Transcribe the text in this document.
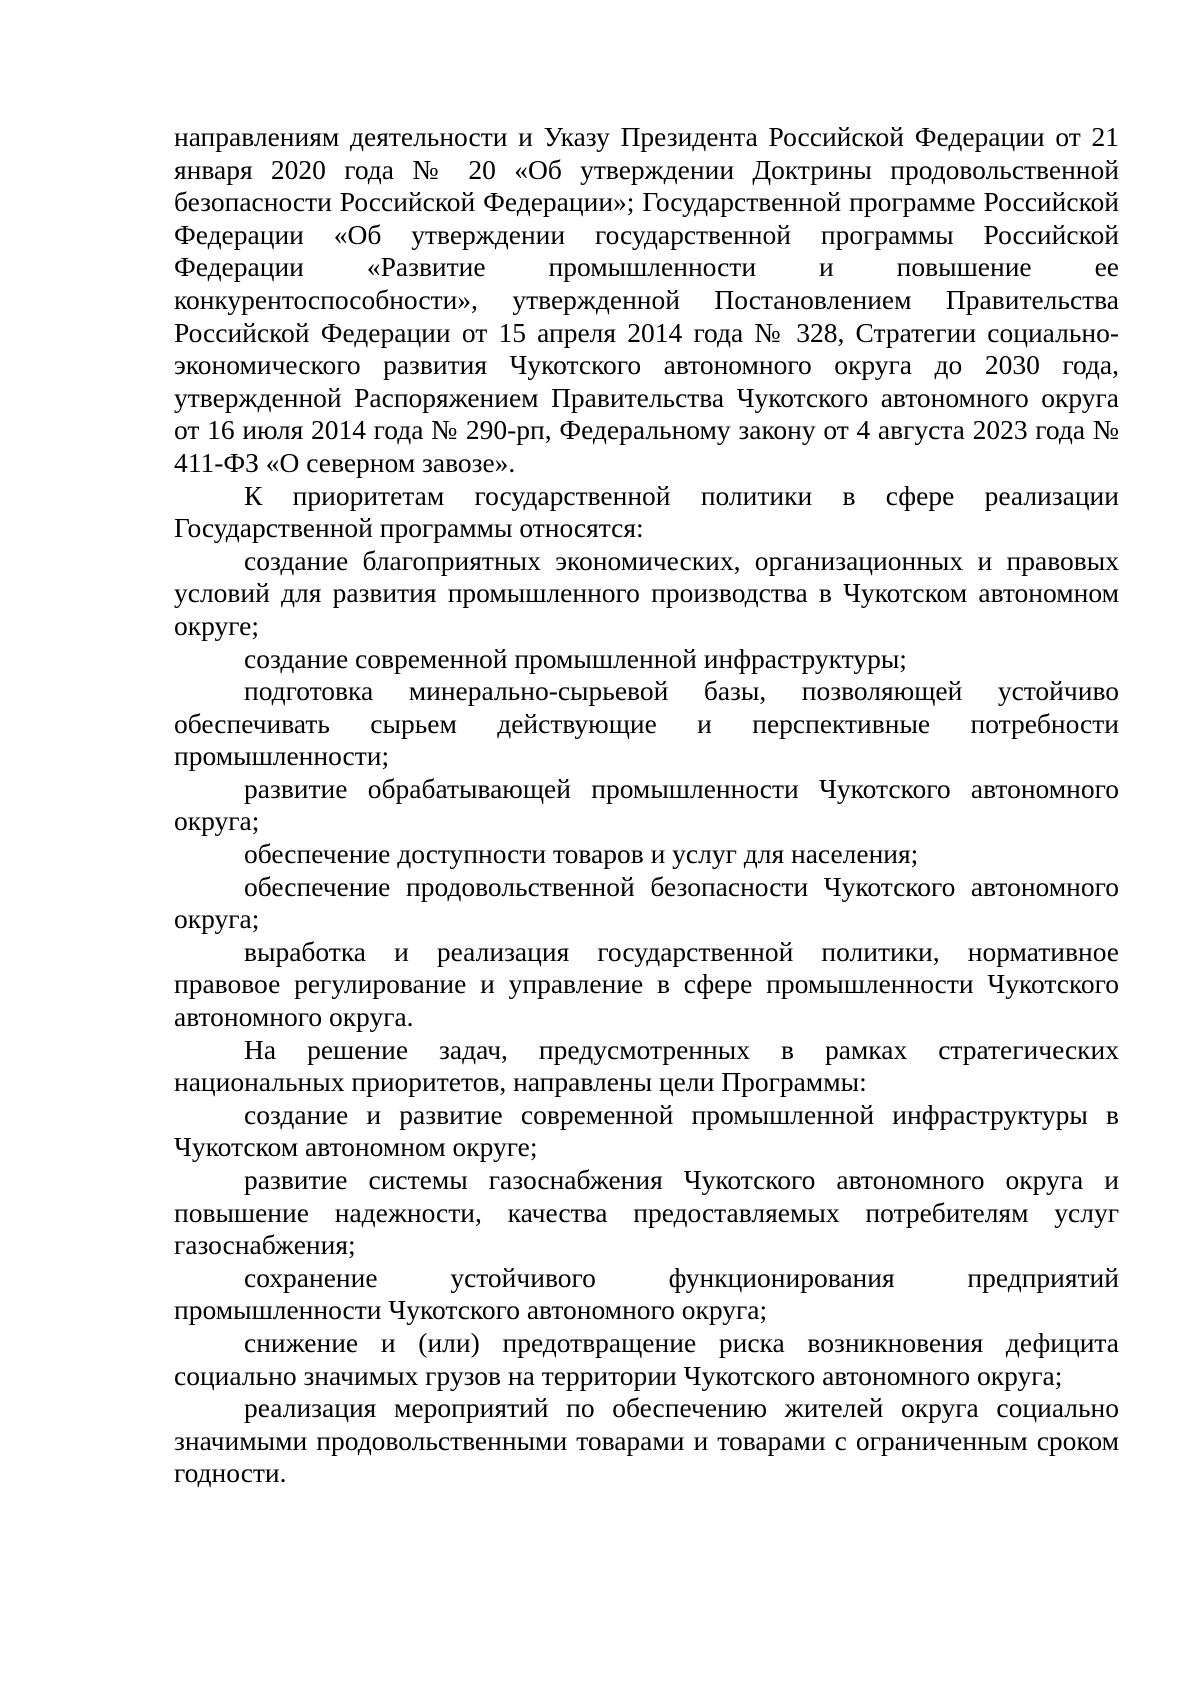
направлениям деятельности и Указу Президента Российской Федерации от 21 января 2020 года № 20 «Об утверждении Доктрины продовольственной безопасности Российской Федерации»; Государственной программе Российской Федерации «Об утверждении государственной программы Российской Федерации «Развитие промышленности и повышение ее конкурентоспособности», утвержденной Постановлением Правительства Российской Федерации от 15 апреля 2014 года № 328, Стратегии социально-экономического развития Чукотского автономного округа до 2030 года, утвержденной Распоряжением Правительства Чукотского автономного округа от 16 июля 2014 года № 290-рп, Федеральному закону от 4 августа 2023 года № 411-ФЗ «О северном завозе».

К приоритетам государственной политики в сфере реализации Государственной программы относятся:

создание благоприятных экономических, организационных и правовых условий для развития промышленного производства в Чукотском автономном округе;

создание современной промышленной инфраструктуры;

подготовка минерально-сырьевой базы, позволяющей устойчиво обеспечивать сырьем действующие и перспективные потребности промышленности;

развитие обрабатывающей промышленности Чукотского автономного округа;

обеспечение доступности товаров и услуг для населения;

обеспечение продовольственной безопасности Чукотского автономного округа;

выработка и реализация государственной политики, нормативное правовое регулирование и управление в сфере промышленности Чукотского автономного округа.

На решение задач, предусмотренных в рамках стратегических национальных приоритетов, направлены цели Программы:

создание и развитие современной промышленной инфраструктуры в Чукотском автономном округе;

развитие системы газоснабжения Чукотского автономного округа и повышение надежности, качества предоставляемых потребителям услуг газоснабжения;

сохранение устойчивого функционирования предприятий промышленности Чукотского автономного округа;

снижение и (или) предотвращение риска возникновения дефицита социально значимых грузов на территории Чукотского автономного округа;

реализация мероприятий по обеспечению жителей округа социально значимыми продовольственными товарами и товарами с ограниченным сроком годности.
